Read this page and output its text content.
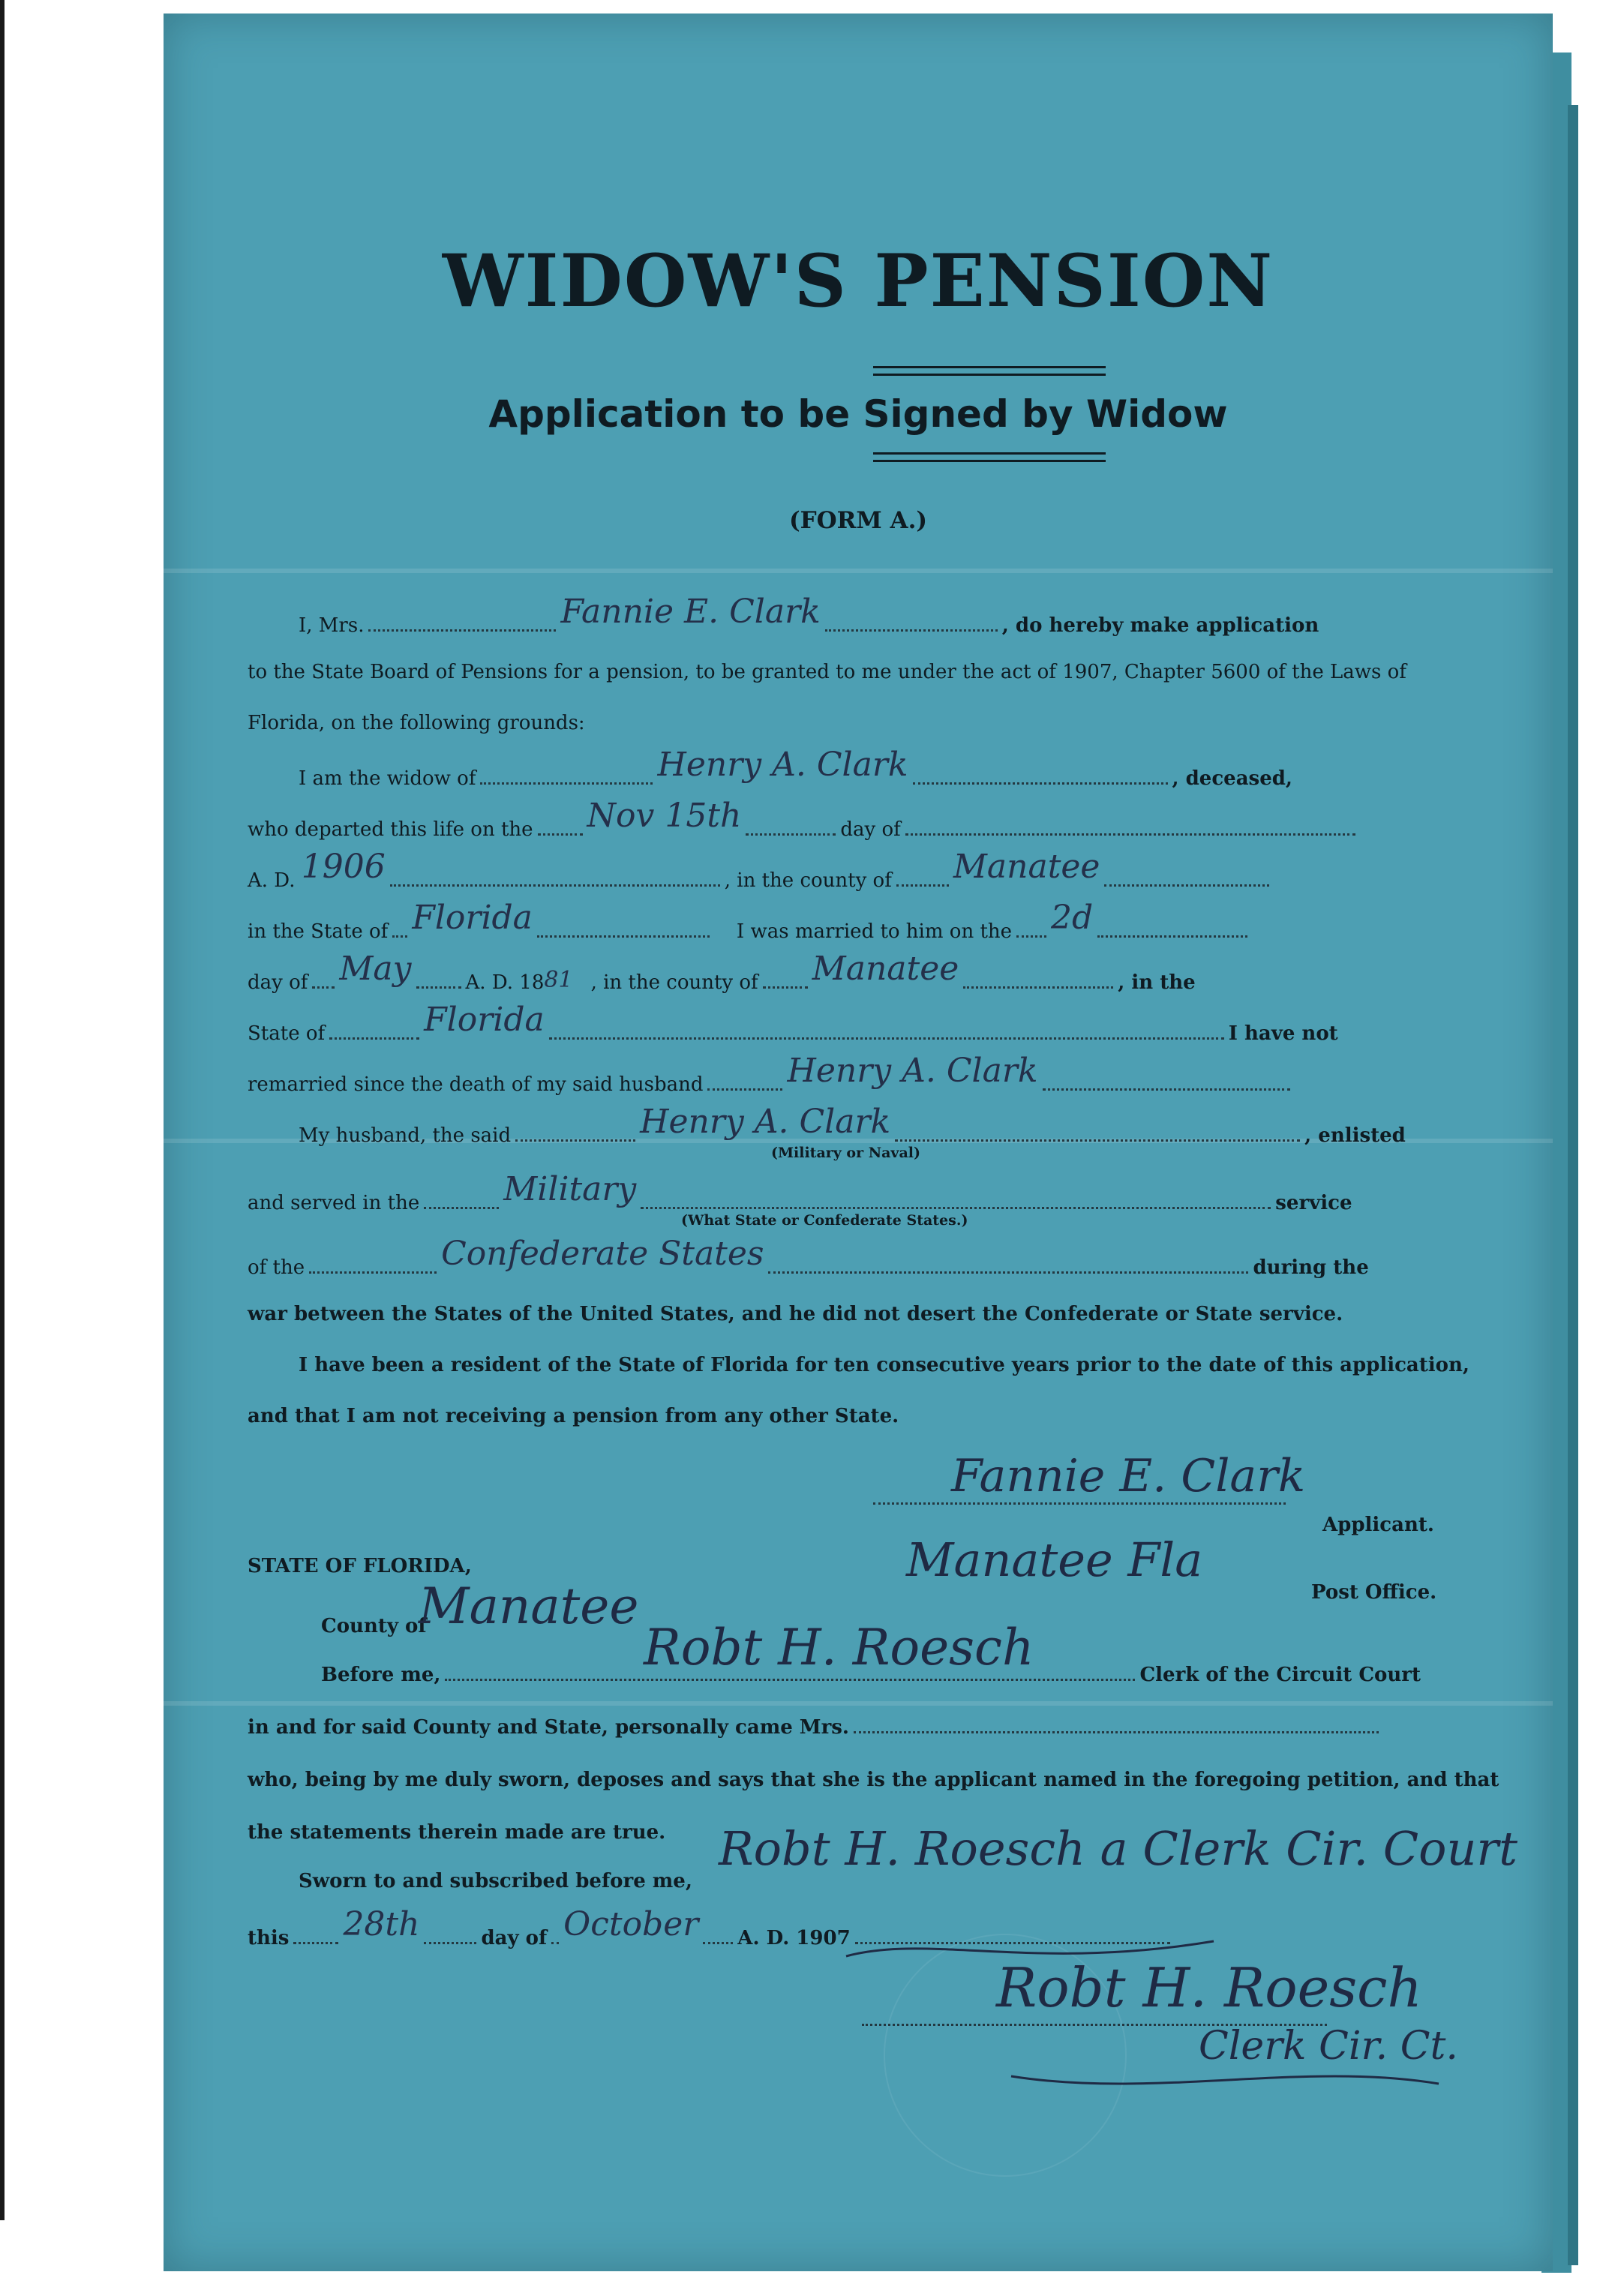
WIDOW'S PENSION
Application to be Signed by Widow
(FORM A.)
I, Mrs.	Fannie E. Clark	, do hereby make application
to the State Board of Pensions for a pension, to be granted to me under the act of 1907, Chapter 5600 of the Laws of
Florida, on the following grounds:
I am the widow of	Henry A. Clark	, deceased,
who departed this life on the Nov 15th	day of
A. D. 1906	, in the county of Manatee
in the State of Florida	I was married to him on the 2d
day of May	A. D. 1881 , in the county of Manatee	, in the
State of	Florida	I have not
remarried since the death of my said husband	Henry A. Clark
My husband, the said	Henry A. Clark	, enlisted
(Military or Naval)
and served in the	Military	service
(What State or Confederate States.)
of the	Confederate States	during the
war between the States of the United States, and he did not desert the Confederate or State service.
I have been a resident of the State of Florida for ten consecutive years prior to the date of this application,
and that I am not receiving a pension from any other State.
Fannie E. Clark
Applicant.
STATE OF FLORIDA,	Manatee Fla
Post Office.
County of
Manatee
Before me,	Clerk of the Circuit Court
Robt H. Roesch
in and for said County and State, personally came Mrs.
who, being by me duly sworn, deposes and says that she is the applicant named in the foregoing petition, and that
the statements therein made are true.
Sworn to and subscribed before me,
Robt H. Roesch a Clerk Cir. Court
this 28th	day of October A. D. 1907
Robt H. Roesch
Clerk Cir. Ct.
